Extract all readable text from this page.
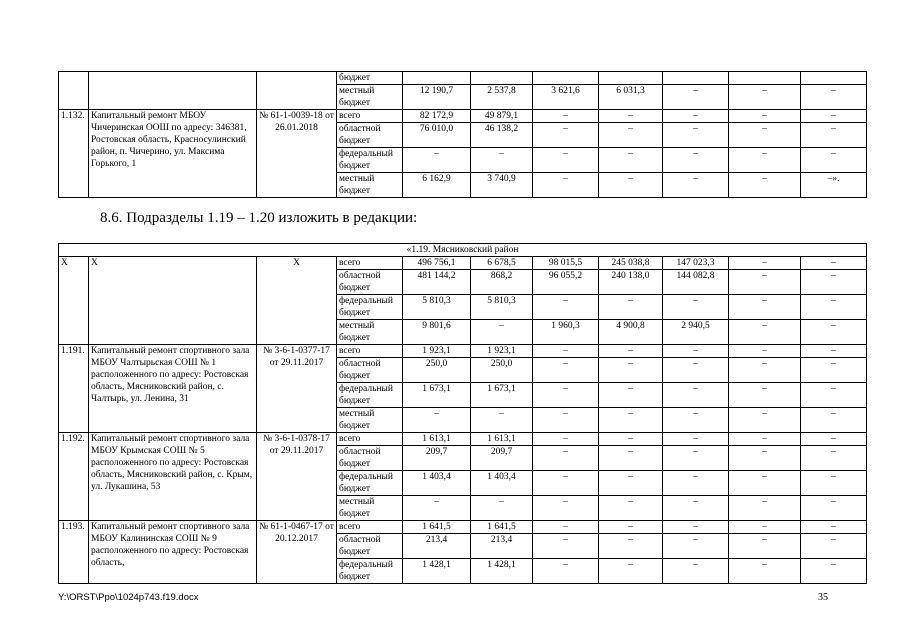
			бюджет							
			местный бюджет	12 190,7	2 537,8	3 621,6	6 031,3	–	–	–
1.132.	Капитальный ремонт МБОУ Чичеринская ООШ по адресу: 346381, Ростовская область, Красносулинский район, п. Чичерино, ул. Максима Горького, 1	№ 61-1-0039-18 от 26.01.2018	всего	82 172,9	49 879,1	–	–	–	–	–
			областной бюджет	76 010,0	46 138,2	–	–	–	–	–
			федеральный бюджет	–	–	–	–	–	–	–
			местный бюджет	6 162,9	3 740,9	–	–	–	–	–».
8.6. Подразделы 1.19 – 1.20 изложить в редакции:
«1.19. Мясниковский район										
Х	Х	Х	всего	496 756,1	6 678,5	98 015,5	245 038,8	147 023,3	–	–
			областной бюджет	481 144,2	868,2	96 055,2	240 138,0	144 082,8	–	–
			федеральный бюджет	5 810,3	5 810,3	–	–	–	–	–
			местный бюджет	9 801,6	–	1 960,3	4 900,8	2 940,5	–	–
1.191.	Капитальный ремонт спортивного зала МБОУ Чалтырьская СОШ № 1 расположенного по адресу: Ростовская область, Мясниковский район, с. Чалтырь, ул. Ленина, 31	№ 3-6-1-0377-17 от 29.11.2017	всего	1 923,1	1 923,1	–	–	–	–	–
			областной бюджет	250,0	250,0	–	–	–	–	–
			федеральный бюджет	1 673,1	1 673,1	–	–	–	–	–
			местный бюджет	–	–	–	–	–	–	–
1.192.	Капитальный ремонт спортивного зала МБОУ Крымская СОШ № 5 расположенного по адресу: Ростовская область, Мясниковский район, с. Крым, ул. Лукашина, 53	№ 3-6-1-0378-17 от 29.11.2017	всего	1 613,1	1 613,1	–	–	–	–	–
			областной бюджет	209,7	209,7	–	–	–	–	–
			федеральный бюджет	1 403,4	1 403,4	–	–	–	–	–
			местный бюджет	–	–	–	–	–	–	–
1.193.	Капитальный ремонт спортивного зала МБОУ Калининская СОШ № 9 расположенного по адресу: Ростовская область,	№ 61-1-0467-17 от 20.12.2017	всего	1 641,5	1 641,5	–	–	–	–	–
			областной бюджет	213,4	213,4	–	–	–	–	–
			федеральный бюджет	1 428,1	1 428,1	–	–	–	–	–
Y:\ORST\Ppo\1024p743.f19.docx	35
